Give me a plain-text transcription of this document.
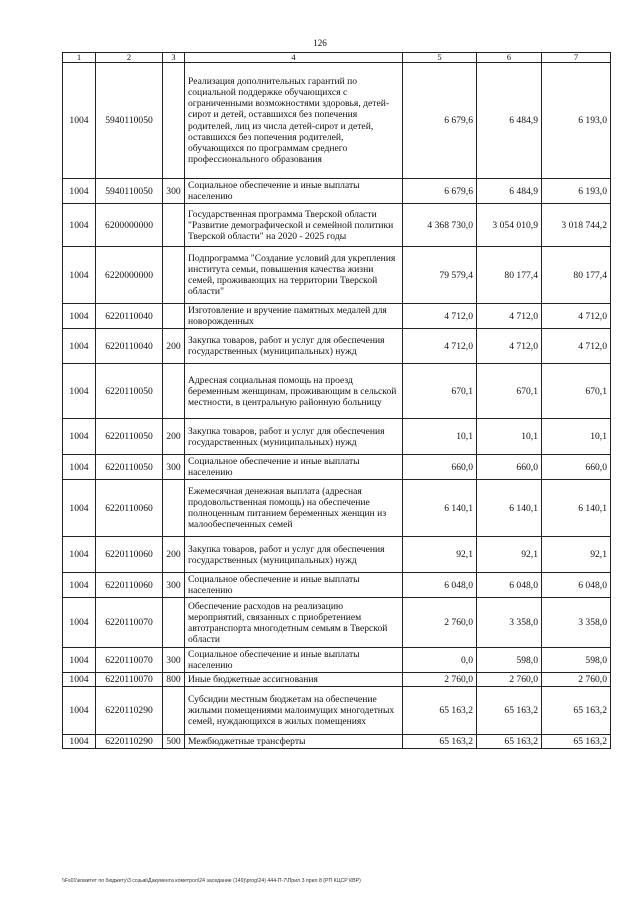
126
1	2	3	4	5	6	7
1004	5940110050		Реализация дополнительных гарантий по социальной поддержке обучающихся с ограниченными возможностями здоровья, детей-сирот и детей, оставшихся без попечения родителей, лиц из числа детей-сирот и детей, оставшихся без попечения родителей, обучающихся по программам среднего профессионального образования	6 679,6	6 484,9	6 193,0
1004	5940110050	300	Социальное обеспечение и иные выплаты населению	6 679,6	6 484,9	6 193,0
1004	6200000000		Государственная программа Тверской области "Развитие демографической и семейной политики Тверской области" на 2020 - 2025 годы	4 368 730,0	3 054 010,9	3 018 744,2
1004	6220000000		Подпрограмма "Создание условий для укрепления института семьи, повышения качества жизни семей, проживающих на территории Тверской области"	79 579,4	80 177,4	80 177,4
1004	6220110040		Изготовление и вручение памятных медалей для новорожденных	4 712,0	4 712,0	4 712,0
1004	6220110040	200	Закупка товаров, работ и услуг для обеспечения государственных (муниципальных) нужд	4 712,0	4 712,0	4 712,0
1004	6220110050		Адресная социальная помощь на проезд беременным женщинам, проживающим в сельской местности, в центральную районную больницу	670,1	670,1	670,1
1004	6220110050	200	Закупка товаров, работ и услуг для обеспечения государственных (муниципальных) нужд	10,1	10,1	10,1
1004	6220110050	300	Социальное обеспечение и иные выплаты населению	660,0	660,0	660,0
1004	6220110060		Ежемесячная денежная выплата (адресная продовольственная помощь) на обеспечение полноценным питанием беременных женщин из малообеспеченных семей	6 140,1	6 140,1	6 140,1
1004	6220110060	200	Закупка товаров, работ и услуг для обеспечения государственных (муниципальных) нужд	92,1	92,1	92,1
1004	6220110060	300	Социальное обеспечение и иные выплаты населению	6 048,0	6 048,0	6 048,0
1004	6220110070		Обеспечение расходов на реализацию мероприятий, связанных с приобретением автотранспорта многодетным семьям в Тверской области	2 760,0	3 358,0	3 358,0
1004	6220110070	300	Социальное обеспечение и иные выплаты населению	0,0	598,0	598,0
1004	6220110070	800	Иные бюджетные ассигнования	2 760,0	2 760,0	2 760,0
1004	6220110290		Субсидии местным бюджетам на обеспечение жилыми помещениями малоимущих многодетных семей, нуждающихся в жилых помещениях	65 163,2	65 163,2	65 163,2
1004	6220110290	500	Межбюджетные трансферты	65 163,2	65 163,2	65 163,2
\\Fs01\комитет по бюджету\3 созыв\Дакумента кометрол\24 заседание (149)\prog\24) 444-П-7\Прил 3 прил 8 (РП КЦСР КВР)
